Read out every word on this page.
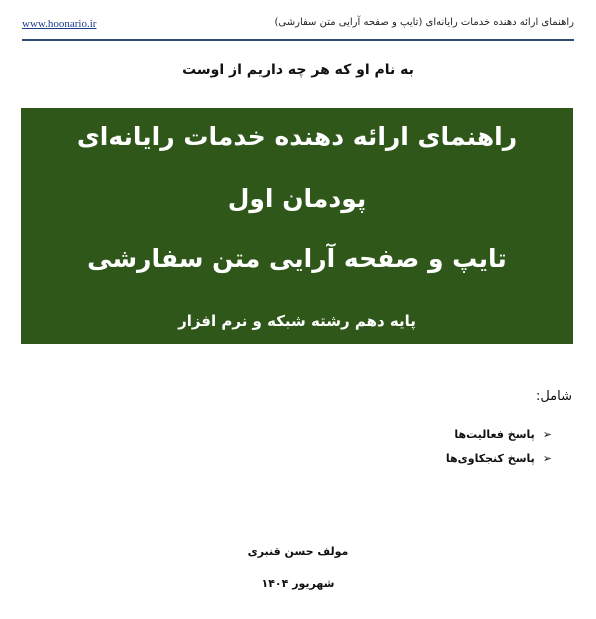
www.hoonario.ir	راهنمای ارائه دهنده خدمات رایانه‌ای (تایپ و صفحه آرایی متن سفارشی)
به نام او که هر چه داریم از اوست
راهنمای ارائه دهنده خدمات رایانه‌ای
پودمان اول
تایپ و صفحه آرایی متن سفارشی
پایه دهم رشته شبکه و نرم افزار
شامل:
➢
پاسخ فعالیت‌ها
➢
پاسخ کنجکاوی‌ها
مولف حسن قنبری
شهریور ۱۴۰۴
